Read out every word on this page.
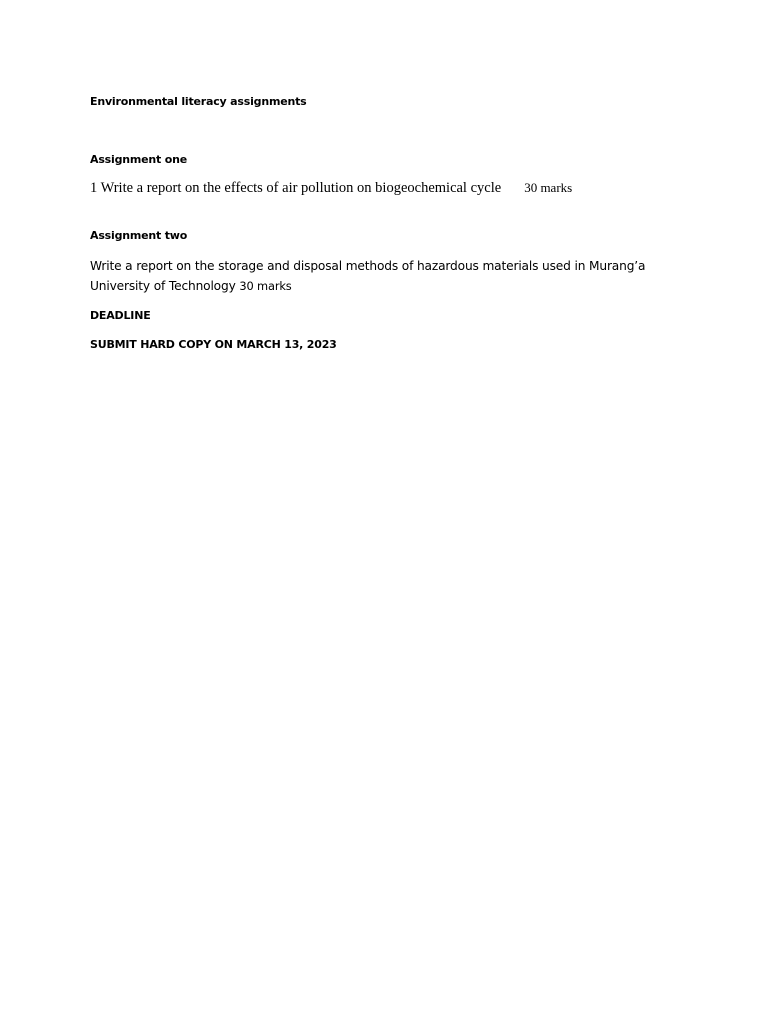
Environmental literacy assignments

Assignment one

1 Write a report on the effects of air pollution on biogeochemical cycle 30 marks

Assignment two

Write a report on the storage and disposal methods of hazardous materials used in Murang’a University of Technology 30 marks

DEADLINE

SUBMIT HARD COPY ON MARCH 13, 2023
